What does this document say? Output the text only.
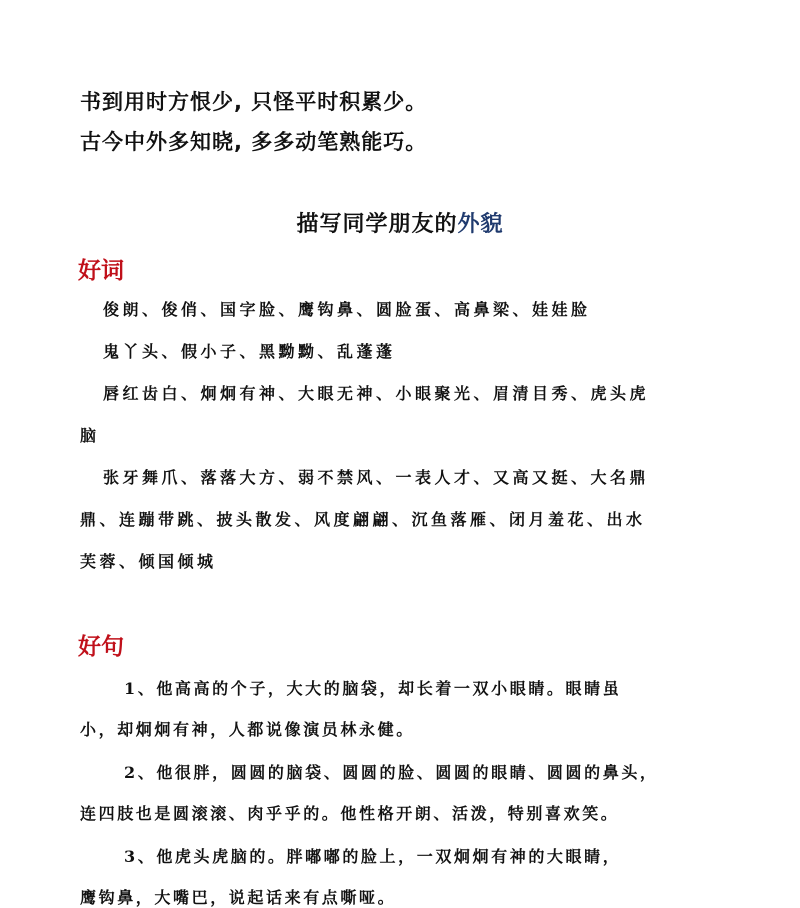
书到用时方恨少, 只怪平时积累少。
古今中外多知晓, 多多动笔熟能巧。
描写同学朋友的外貌
好词
俊朗、俊俏、国字脸、鹰钩鼻、圆脸蛋、高鼻梁、娃娃脸
鬼丫头、假小子、黑黝黝、乱蓬蓬
唇红齿白、炯炯有神、大眼无神、小眼聚光、眉清目秀、虎头虎
脑
张牙舞爪、落落大方、弱不禁风、一表人才、又高又挺、大名鼎
鼎、连蹦带跳、披头散发、风度翩翩、沉鱼落雁、闭月羞花、出水
芙蓉、倾国倾城
好句
1、他高高的个子，大大的脑袋，却长着一双小眼睛。眼睛虽
小，却炯炯有神，人都说像演员林永健。
2、他很胖，圆圆的脑袋、圆圆的脸、圆圆的眼睛、圆圆的鼻头，
连四肢也是圆滚滚、肉乎乎的。他性格开朗、活泼，特别喜欢笑。
3、他虎头虎脑的。胖嘟嘟的脸上，一双炯炯有神的大眼睛，
鹰钩鼻，大嘴巴，说起话来有点嘶哑。
